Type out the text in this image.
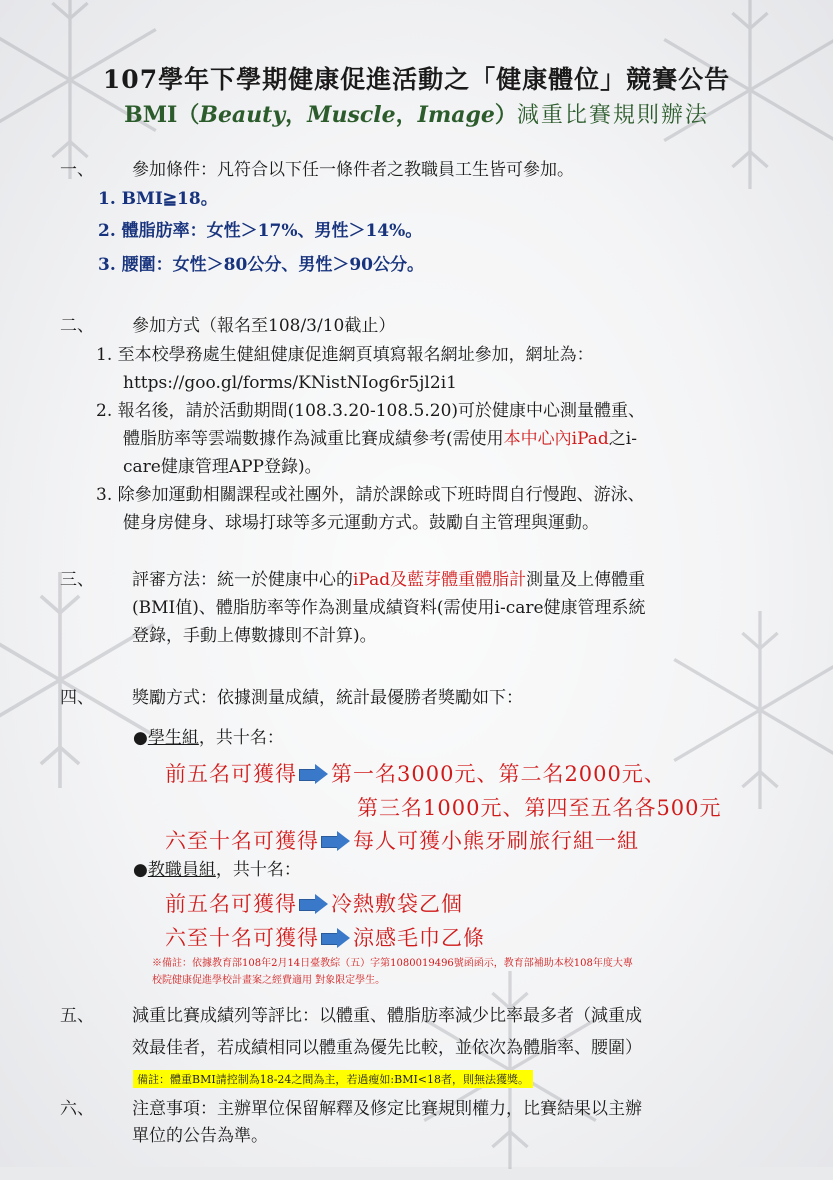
107學年下學期健康促進活動之「健康體位」競賽公告
BMI（Beauty，Muscle，Image）減重比賽規則辦法
一、	參加條件：凡符合以下任一條件者之教職員工生皆可參加。
1. BMI≧18。
2. 體脂肪率：女性＞17%、男性＞14%。
3. 腰圍：女性＞80公分、男性＞90公分。
二、	參加方式（報名至108/3/10截止）
1. 至本校學務處生健組健康促進網頁填寫報名網址參加，網址為：
https://goo.gl/forms/KNistNIog6r5jl2i1
2. 報名後，請於活動期間(108.3.20-108.5.20)可於健康中心測量體重、
體脂肪率等雲端數據作為減重比賽成績參考(需使用本中心內iPad之i-
care健康管理APP登錄)。
3. 除參加運動相關課程或社團外，請於課餘或下班時間自行慢跑、游泳、
健身房健身、球場打球等多元運動方式。鼓勵自主管理與運動。
三、	評審方法：統一於健康中心的iPad及藍芽體重體脂計測量及上傳體重
(BMI值)、體脂肪率等作為測量成績資料(需使用i-care健康管理系統
登錄，手動上傳數據則不計算)。
四、	獎勵方式：依據測量成績，統計最優勝者獎勵如下：
●學生組，共十名：
前五名可獲得 第一名3000元、第二名2000元、
第三名1000元、第四至五名各500元
六至十名可獲得 每人可獲小熊牙刷旅行組一組
●教職員組，共十名：
前五名可獲得 冷熱敷袋乙個
六至十名可獲得 涼感毛巾乙條
※備註：依據教育部108年2月14日臺教綜（五）字第1080019496號函函示，教育部補助本校108年度大專
校院健康促進學校計畫案之經費適用 對象限定學生。
五、	減重比賽成績列等評比：以體重、體脂肪率減少比率最多者（減重成
效最佳者，若成績相同以體重為優先比較，並依次為體脂率、腰圍）
備註：體重BMI請控制為18-24之間為主，若過瘦如:BMI<18者，則無法獲獎。
六、	注意事項：主辦單位保留解釋及修定比賽規則權力，比賽結果以主辦
單位的公告為準。
